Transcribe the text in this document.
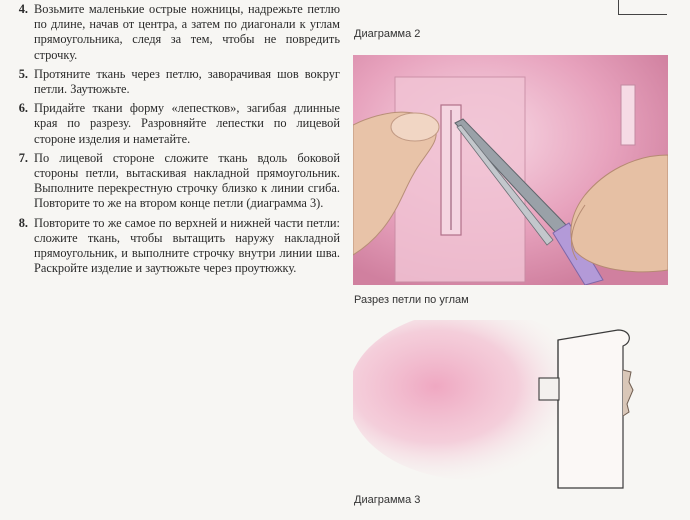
4. Возьмите маленькие острые ножницы, надрежьте петлю по длине, начав от центра, а затем по диагонали к углам прямоугольника, следя за тем, чтобы не повредить строчку.
5. Протяните ткань через петлю, заворачивая шов вокруг петли. Заутюжьте.
6. Придайте ткани форму «лепестков», загибая длинные края по разрезу. Разровняйте лепестки по лицевой стороне изделия и наметайте.
7. По лицевой стороне сложите ткань вдоль боковой стороны петли, вытаскивая накладной прямоугольник. Выполните перекрестную строчку близко к линии сгиба. Повторите то же на втором конце петли (диаграмма 3).
8. Повторите то же самое по верхней и нижней части петли: сложите ткань, чтобы вытащить наружу накладной прямоугольник, и выполните строчку внутри линии шва. Раскройте изделие и заутюжьте через проутюжку.
Диаграмма 2
Разрез петли по углам
Диаграмма 3
